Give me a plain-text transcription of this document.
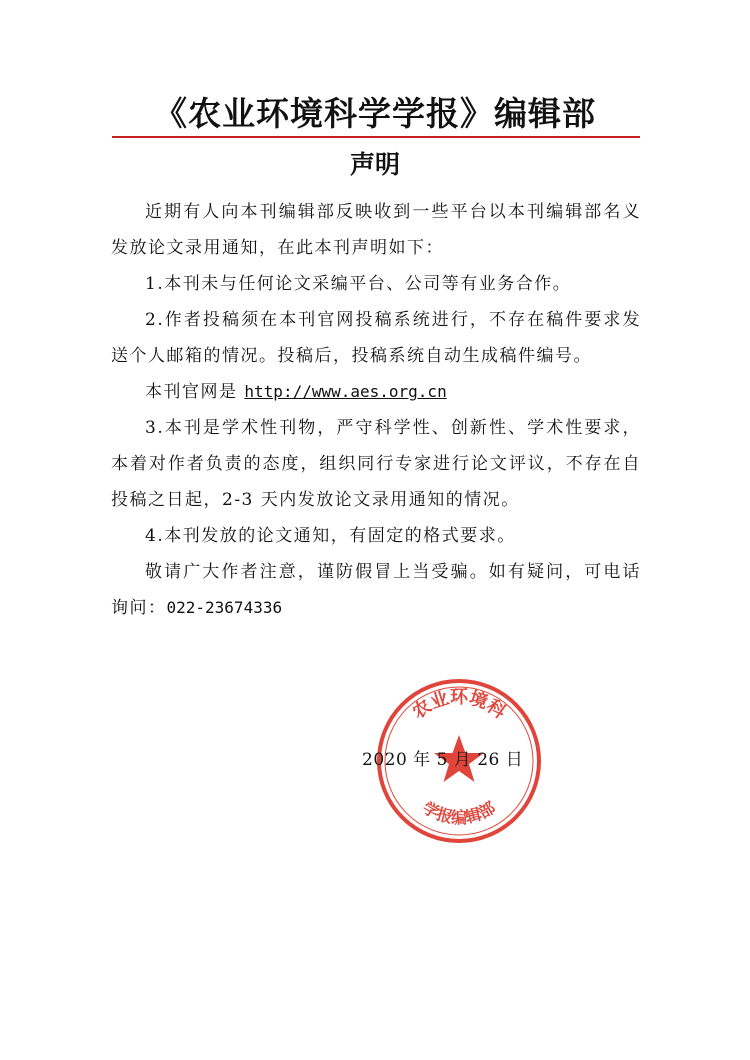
《农业环境科学学报》编辑部
声明

近期有人向本刊编辑部反映收到一些平台以本刊编辑部名义发放论文录用通知，在此本刊声明如下：

1.本刊未与任何论文采编平台、公司等有业务合作。

2.作者投稿须在本刊官网投稿系统进行，不存在稿件要求发送个人邮箱的情况。投稿后，投稿系统自动生成稿件编号。

本刊官网是 http://www.aes.org.cn

3.本刊是学术性刊物，严守科学性、创新性、学术性要求，本着对作者负责的态度，组织同行专家进行论文评议，不存在自投稿之日起，2-3 天内发放论文录用通知的情况。

4.本刊发放的论文通知，有固定的格式要求。

敬请广大作者注意，谨防假冒上当受骗。如有疑问，可电话询问：022-23674336

农业环境科
学报编辑部
2020 年 5 月 26 日
